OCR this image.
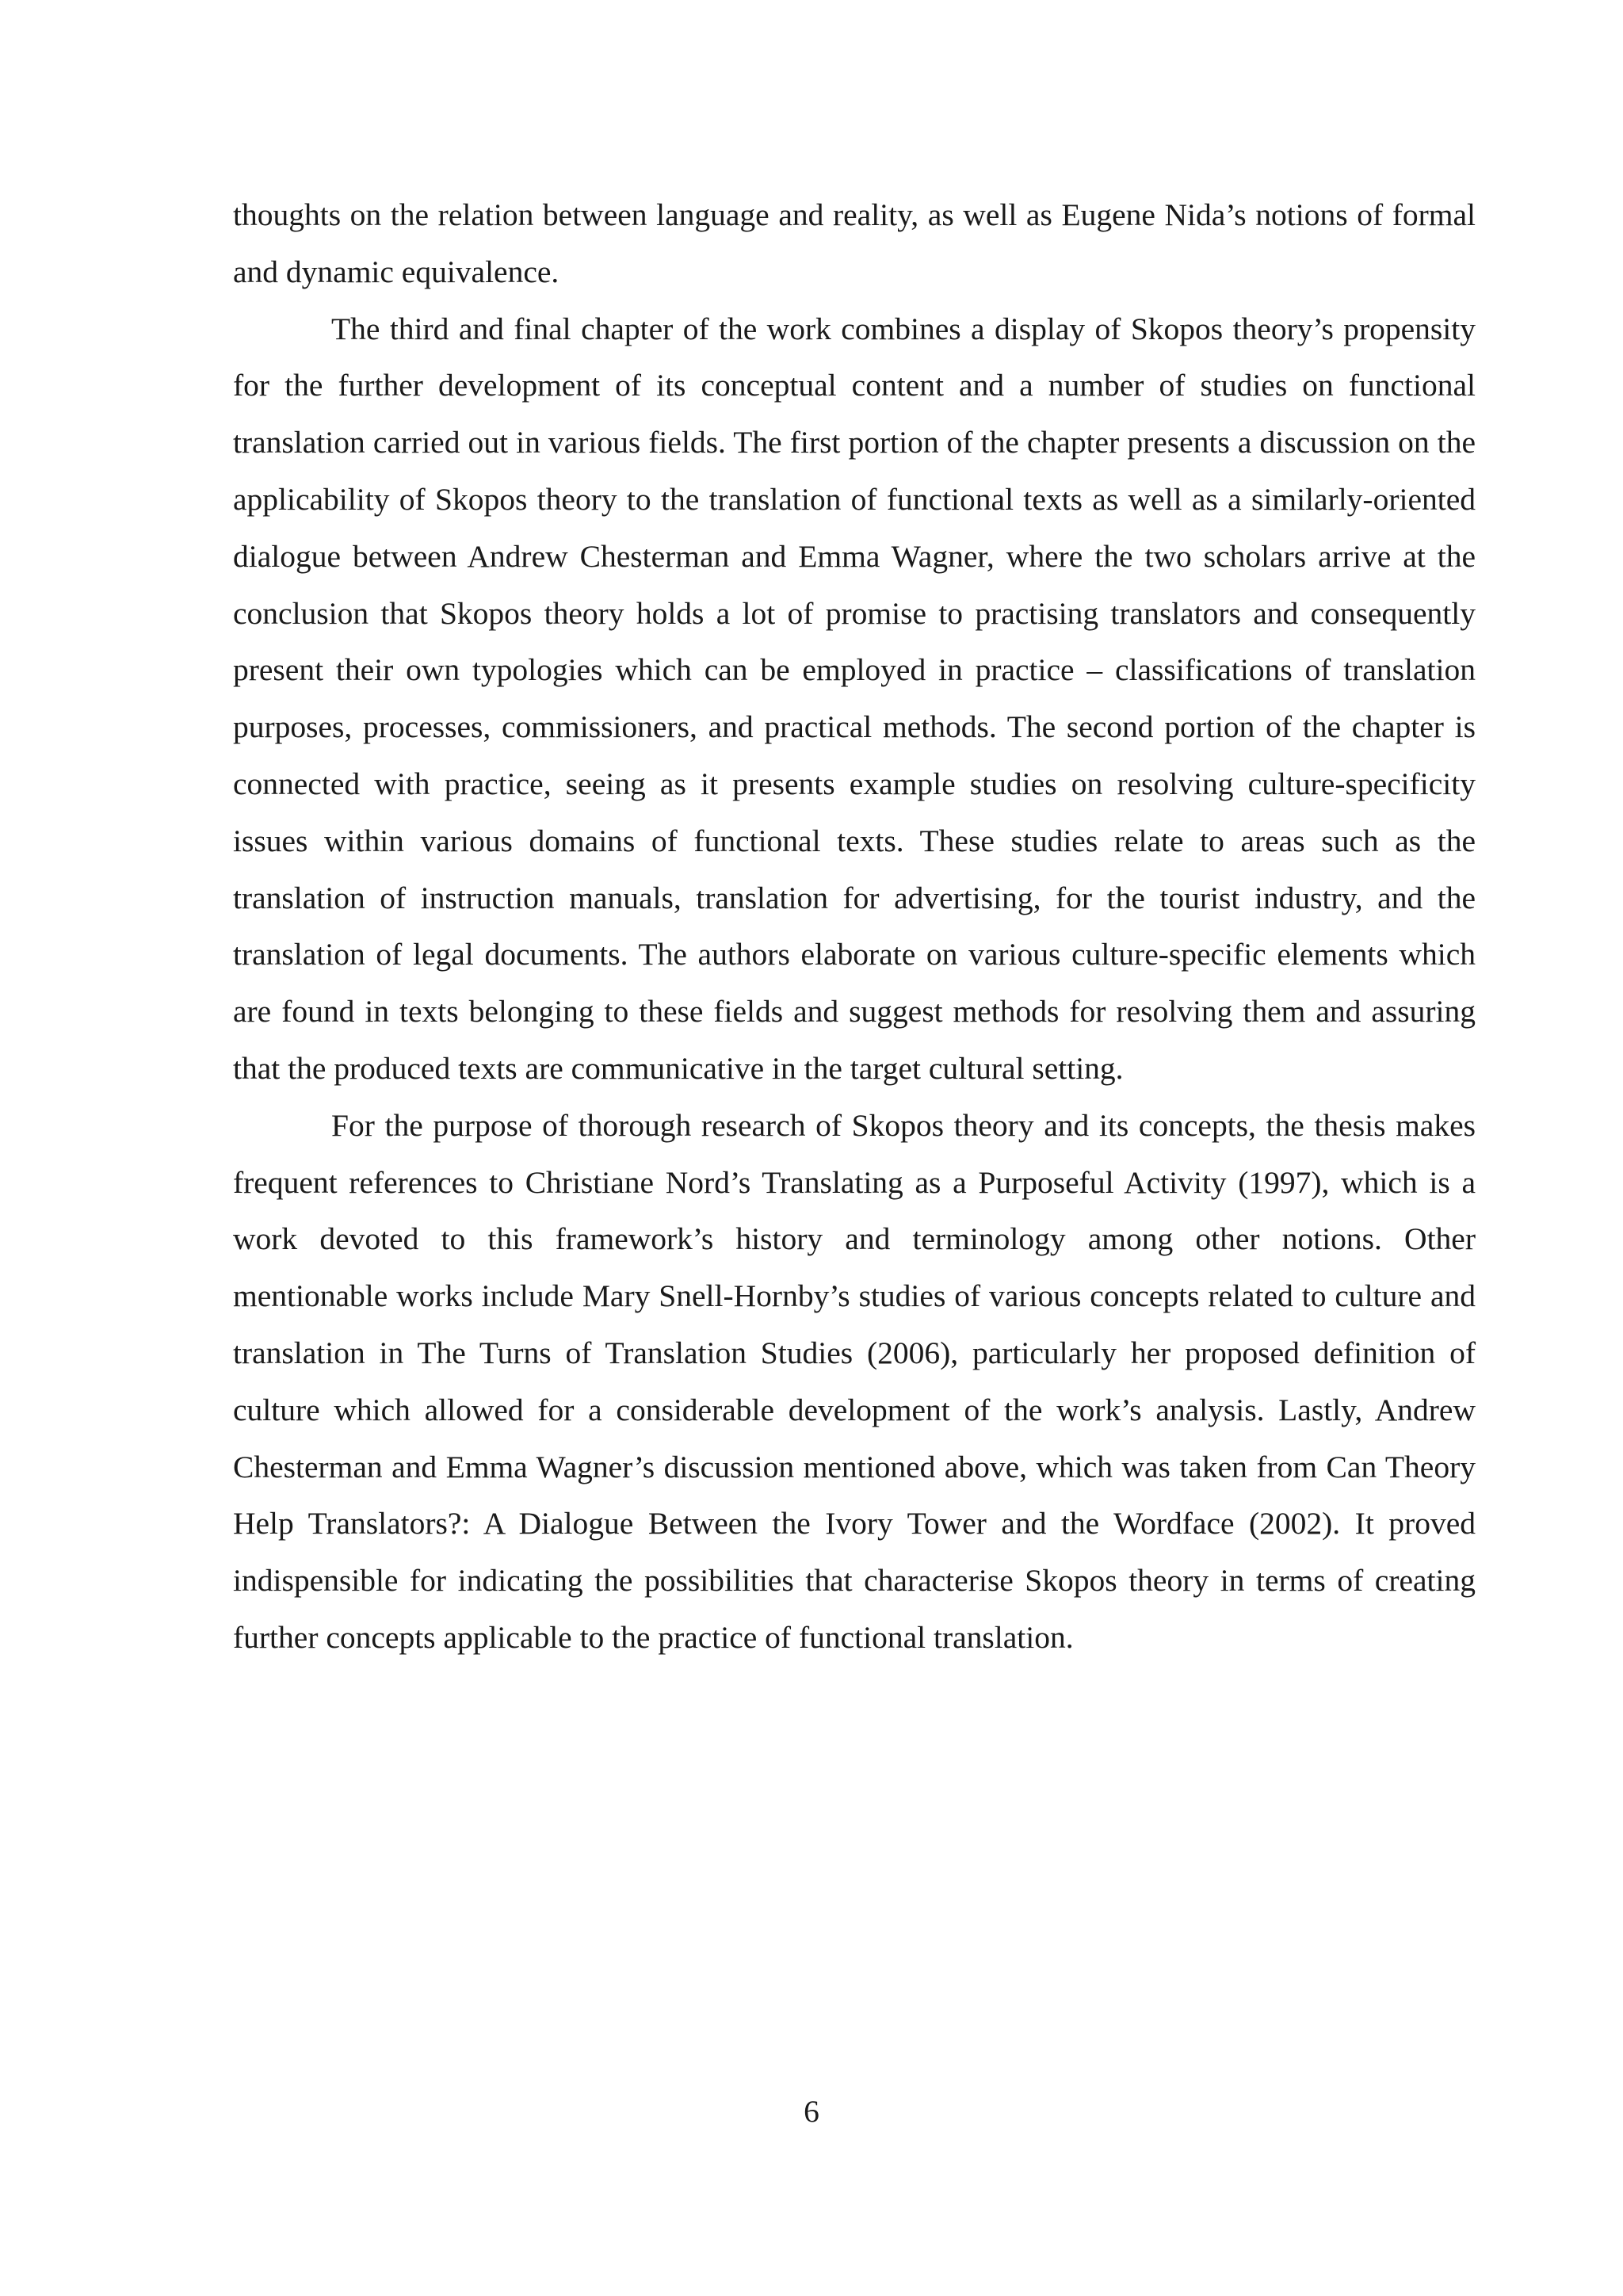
thoughts on the relation between language and reality, as well as Eugene Nida’s notions of formal and dynamic equivalence.

The third and final chapter of the work combines a display of Skopos theory’s propensity for the further development of its conceptual content and a number of studies on functional translation carried out in various fields. The first portion of the chapter presents a discussion on the applicability of Skopos theory to the translation of functional texts as well as a similarly-oriented dialogue between Andrew Chesterman and Emma Wagner, where the two scholars arrive at the conclusion that Skopos theory holds a lot of promise to practising translators and consequently present their own typologies which can be employed in practice – classifications of translation purposes, processes, commissioners, and practical methods. The second portion of the chapter is connected with practice, seeing as it presents example studies on resolving culture-specificity issues within various domains of functional texts. These studies relate to areas such as the translation of instruction manuals, translation for advertising, for the tourist industry, and the translation of legal documents. The authors elaborate on various culture-specific elements which are found in texts belonging to these fields and suggest methods for resolving them and assuring that the produced texts are communicative in the target cultural setting.

For the purpose of thorough research of Skopos theory and its concepts, the thesis makes frequent references to Christiane Nord’s Translating as a Purposeful Activity (1997), which is a work devoted to this framework’s history and terminology among other notions. Other mentionable works include Mary Snell-Hornby’s studies of various concepts related to culture and translation in The Turns of Translation Studies (2006), particularly her proposed definition of culture which allowed for a considerable development of the work’s analysis. Lastly, Andrew Chesterman and Emma Wagner’s discussion mentioned above, which was taken from Can Theory Help Translators?: A Dialogue Between the Ivory Tower and the Wordface (2002). It proved indispensible for indicating the possibilities that characterise Skopos theory in terms of creating further concepts applicable to the practice of functional translation.

6
